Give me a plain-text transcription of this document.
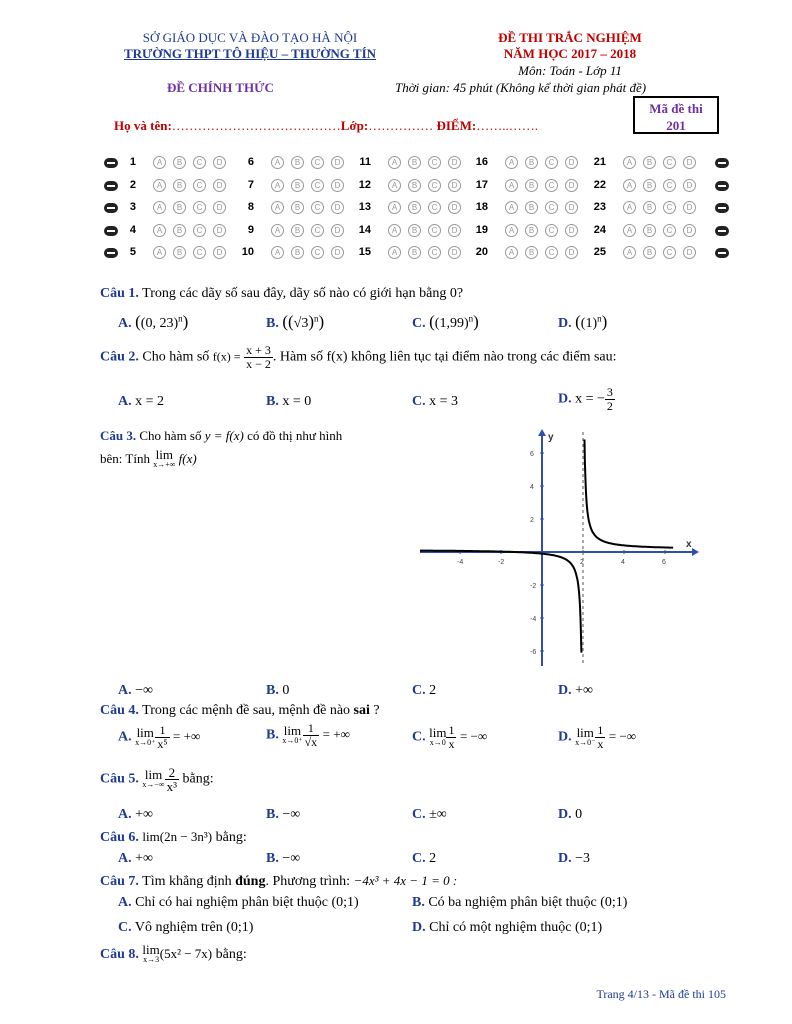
SỞ GIÁO DỤC VÀ ĐÀO TẠO HÀ NỘI
TRƯỜNG THPT TÔ HIỆU – THƯỜNG TÍN
ĐỀ THI TRẮC NGHIỆM
NĂM HỌC 2017 – 2018
Môn: Toán - Lớp 11
ĐỀ CHÍNH THỨC	Thời gian: 45 phút (Không kể thời gian phát đề)
Mã đề thi
201
Họ và tên:…………………………………Lớp:…………… ĐIỂM:……..…….
1	A	B	C	D	6	A	B	C	D	11	A	B	C	D	16	A	B	C	D	21	A	B	C	D
2	A	B	C	D	7	A	B	C	D	12	A	B	C	D	17	A	B	C	D	22	A	B	C	D
3	A	B	C	D	8	A	B	C	D	13	A	B	C	D	18	A	B	C	D	23	A	B	C	D
4	A	B	C	D	9	A	B	C	D	14	A	B	C	D	19	A	B	C	D	24	A	B	C	D
5	A	B	C	D	10	A	B	C	D	15	A	B	C	D	20	A	B	C	D	25	A	B	C	D
Câu 1. Trong các dãy số sau đây, dãy số nào có giới hạn bằng 0?
A. ((0, 23)$^n$)	B. $((√3)^n)$	C. $((1,99)^n)$	D. $((1)^n)$
Câu 2. Cho hàm số $f(x) = \frac{x + 3}{x - 2}$ . Hàm số f(x) không liên tục tại điểm nào trong các điểm sau:
A. x = 2	B. x = 0	C. x = 3	D. x = − $\frac{3}{2}$
Câu 3. Cho hàm số y = f(x) có đồ thị như hình
bên: Tính lim
x→+∞ f(x)
x
y
-4	-2	2	4	6
6
4
2
-2
-4
-6
A. −∞	B. 0	C. 2	D. +∞
Câu 4. Trong các mệnh đề sau, mệnh đề nào sai ?
A. lim
$x\to 0^+ \frac{1}{\text{x⁵}}$ = +∞	B. lim
$x\to 0^+ \frac{1}{√x}$ = +∞	C. lim
$x\to 0 \frac{1}{x}$ = −∞	D. lim
$x\to 0^- \frac{1}{x}$ = −∞
Câu 5. lim
$x\to-\infty \frac{2}{\text{x³}}$ bằng:
A. +∞	B. −∞	C. ±∞	D. 0
Câu 6. lim(2n − 3n³) bằng:
A. +∞	B. −∞	C. 2	D. −3
Câu 7. Tìm khẳng định đúng. Phương trình: −4x³ + 4x − 1 = 0 :
A. Chỉ có hai nghiệm phân biệt thuộc (0;1)	B. Có ba nghiệm phân biệt thuộc (0;1)
C. Vô nghiệm trên (0;1)	D. Chỉ có một nghiệm thuộc (0;1)
Câu 8. lim
x→3 (5x² − 7x) bằng:
Trang 4/13 - Mã đề thi 105
